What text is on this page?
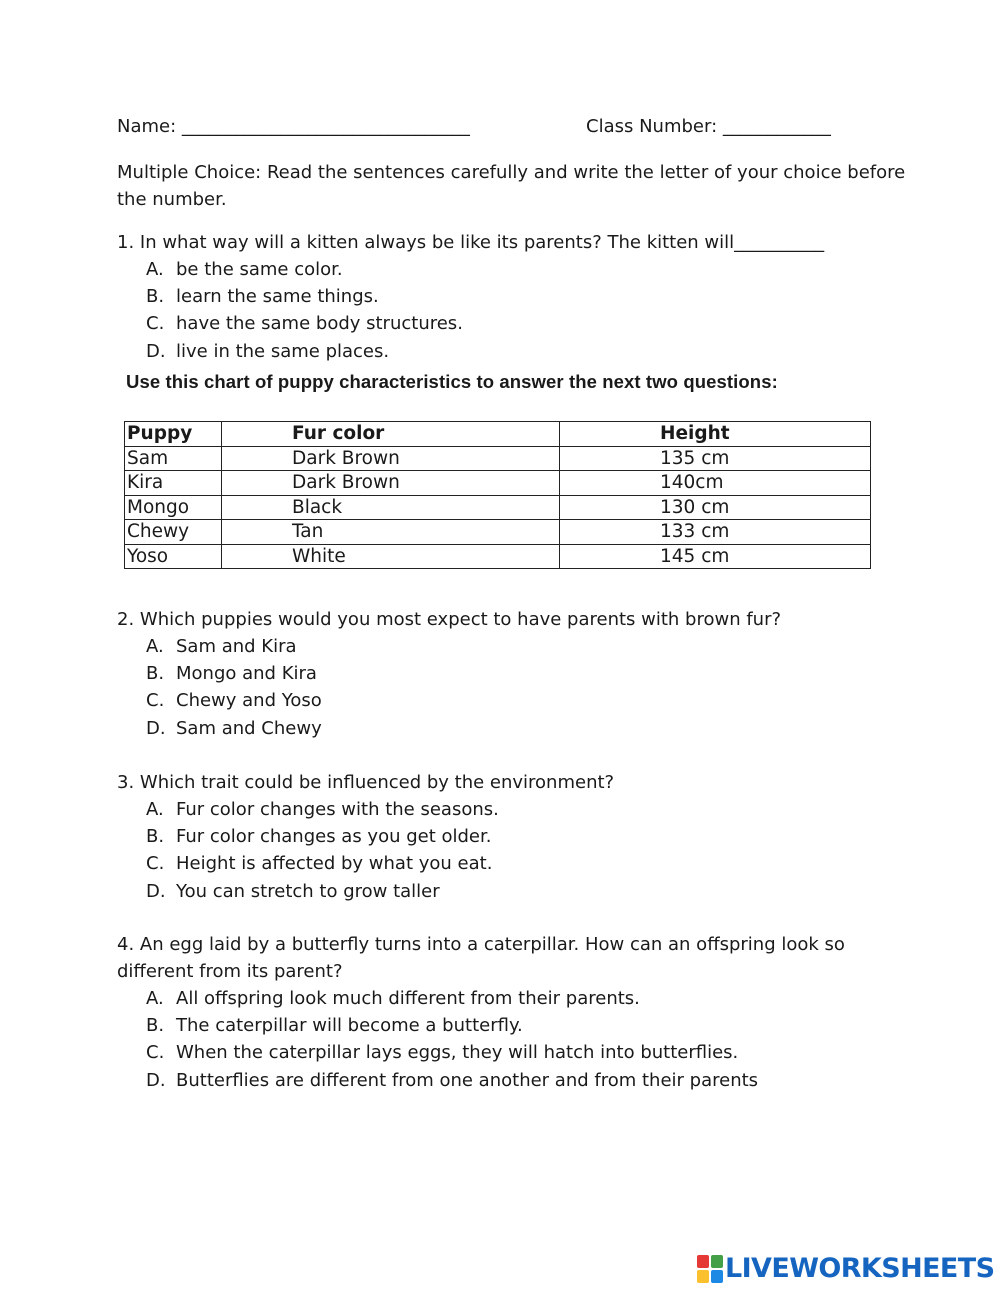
Name: ________________________________	Class Number: ____________
Multiple Choice: Read the sentences carefully and write the letter of your choice before
the number.
1. In what way will a kitten always be like its parents? The kitten will__________
A. be the same color.
B. learn the same things.
C. have the same body structures.
D. live in the same places.
Use this chart of puppy characteristics to answer the next two questions:
Puppy	Fur color	Height
Sam	Dark Brown	135 cm
Kira	Dark Brown	140cm
Mongo	Black	130 cm
Chewy	Tan	133 cm
Yoso	White	145 cm
2. Which puppies would you most expect to have parents with brown fur?
A. Sam and Kira
B. Mongo and Kira
C. Chewy and Yoso
D. Sam and Chewy
3. Which trait could be influenced by the environment?
A. Fur color changes with the seasons.
B. Fur color changes as you get older.
C. Height is affected by what you eat.
D. You can stretch to grow taller
4. An egg laid by a butterfly turns into a caterpillar. How can an offspring look so
different from its parent?
A. All offspring look much different from their parents.
B. The caterpillar will become a butterfly.
C. When the caterpillar lays eggs, they will hatch into butterflies.
D. Butterflies are different from one another and from their parents
LIVEWORKSHEETS
